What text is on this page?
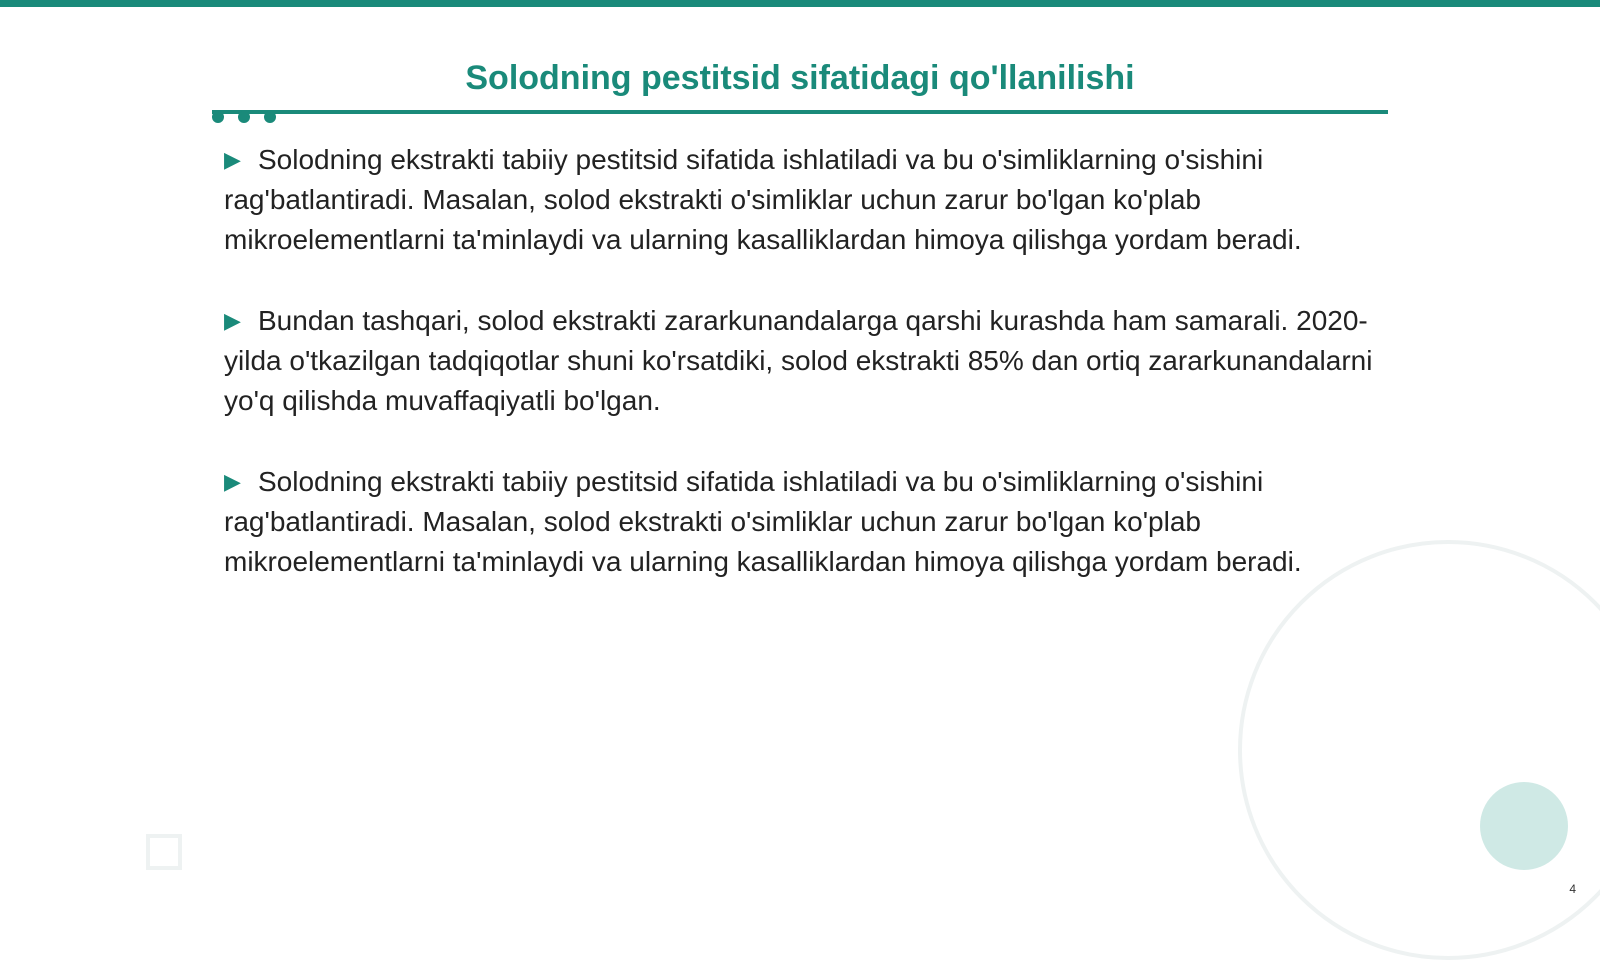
Solodning pestitsid sifatidagi qo'llanilishi

▶ Solodning ekstrakti tabiiy pestitsid sifatida ishlatiladi va bu o'simliklarning o'sishini rag'batlantiradi. Masalan, solod ekstrakti o'simliklar uchun zarur bo'lgan ko'plab mikroelementlarni ta'minlaydi va ularning kasalliklardan himoya qilishga yordam beradi.

▶ Bundan tashqari, solod ekstrakti zararkunandalarga qarshi kurashda ham samarali. 2020-yilda o'tkazilgan tadqiqotlar shuni ko'rsatdiki, solod ekstrakti 85% dan ortiq zararkunandalarni yo'q qilishda muvaffaqiyatli bo'lgan.

▶ Solodning ekstrakti tabiiy pestitsid sifatida ishlatiladi va bu o'simliklarning o'sishini rag'batlantiradi. Masalan, solod ekstrakti o'simliklar uchun zarur bo'lgan ko'plab mikroelementlarni ta'minlaydi va ularning kasalliklardan himoya qilishga yordam beradi.

4
